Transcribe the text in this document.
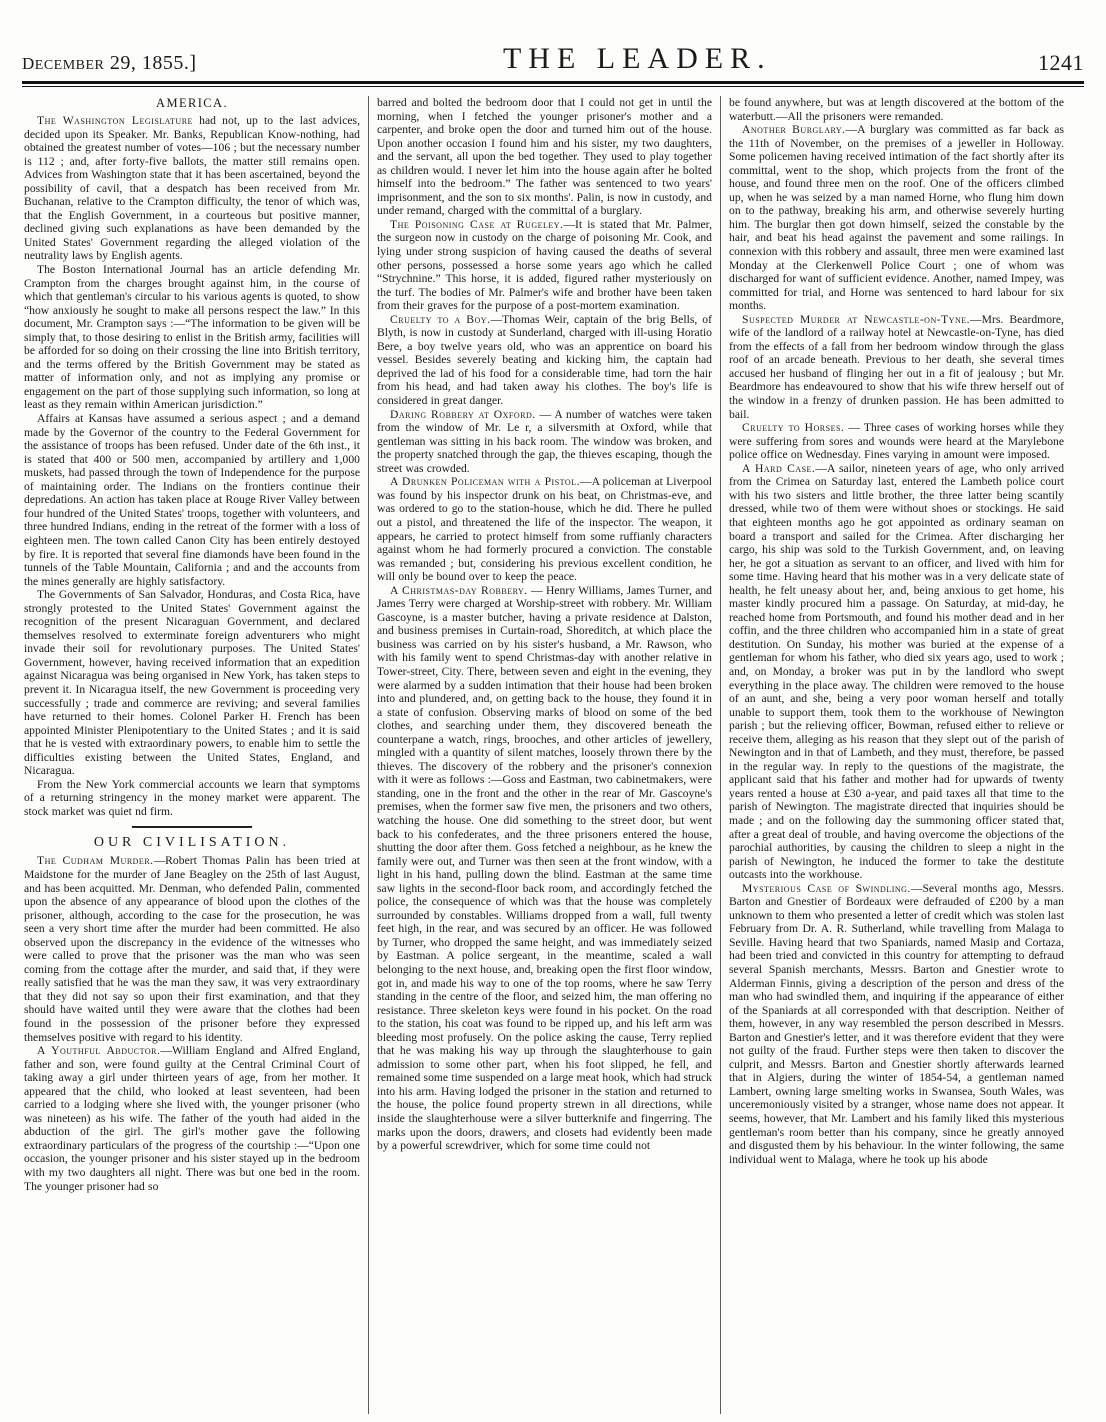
december 29, 1855.]	THE LEADER.	1241
AMERICA.

The Washington Legislature had not, up to the last advices, decided upon its Speaker. Mr. Banks, Republican Know-nothing, had obtained the greatest number of votes—106 ; but the necessary number is 112 ; and, after forty-five ballots, the matter still remains open. Advices from Washington state that it has been ascertained, beyond the possibility of cavil, that a despatch has been received from Mr. Buchanan, relative to the Crampton difficulty, the tenor of which was, that the English Government, in a courteous but positive manner, declined giving such explanations as have been demanded by the United States' Government regarding the alleged violation of the neutrality laws by English agents.

The Boston International Journal has an article defending Mr. Crampton from the charges brought against him, in the course of which that gentleman's circular to his various agents is quoted, to show “how anxiously he sought to make all persons respect the law.” In this document, Mr. Crampton says :—“The information to be given will be simply that, to those desiring to enlist in the British army, facilities will be afforded for so doing on their crossing the line into British territory, and the terms offered by the British Government may be stated as matter of information only, and not as implying any promise or engagement on the part of those supplying such information, so long at least as they remain within American jurisdiction.”

Affairs at Kansas have assumed a serious aspect ; and a demand made by the Governor of the country to the Federal Government for the assistance of troops has been refused. Under date of the 6th inst., it is stated that 400 or 500 men, accompanied by artillery and 1,000 muskets, had passed through the town of Independence for the purpose of maintaining order. The Indians on the frontiers continue their depredations. An action has taken place at Rouge River Valley between four hundred of the United States' troops, together with volunteers, and three hundred Indians, ending in the retreat of the former with a loss of eighteen men. The town called Canon City has been entirely destoyed by fire. It is reported that several fine diamonds have been found in the tunnels of the Table Mountain, California ; and and the accounts from the mines generally are highly satisfactory.

The Governments of San Salvador, Honduras, and Costa Rica, have strongly protested to the United States' Government against the recognition of the present Nicaraguan Government, and declared themselves resolved to exterminate foreign adventurers who might invade their soil for revolutionary purposes. The United States' Government, however, having received information that an expedition against Nicaragua was being organised in New York, has taken steps to prevent it. In Nicaragua itself, the new Government is proceeding very successfully ; trade and commerce are reviving; and several families have returned to their homes. Colonel Parker H. French has been appointed Minister Plenipotentiary to the United States ; and it is said that he is vested with extraordinary powers, to enable him to settle the difficulties existing between the United States, England, and Nicaragua.

From the New York commercial accounts we learn that symptoms of a returning stringency in the money market were apparent. The stock market was quiet nd firm.

OUR CIVILISATION.

The Cudham Murder.—Robert Thomas Palin has been tried at Maidstone for the murder of Jane Beagley on the 25th of last August, and has been acquitted. Mr. Denman, who defended Palin, commented upon the absence of any appearance of blood upon the clothes of the prisoner, although, according to the case for the prosecution, he was seen a very short time after the murder had been committed. He also observed upon the discrepancy in the evidence of the witnesses who were called to prove that the prisoner was the man who was seen coming from the cottage after the murder, and said that, if they were really satisfied that he was the man they saw, it was very extraordinary that they did not say so upon their first examination, and that they should have waited until they were aware that the clothes had been found in the possession of the prisoner before they expressed themselves positive with regard to his identity.

A Youthful Abductor.—William England and Alfred England, father and son, were found guilty at the Central Criminal Court of taking away a girl under thirteen years of age, from her mother. It appeared that the child, who looked at least seventeen, had been carried to a lodging where she lived with, the younger prisoner (who was nineteen) as his wife. The father of the youth had aided in the abduction of the girl. The girl's mother gave the following extraordinary particulars of the progress of the courtship :—“Upon one occasion, the younger prisoner and his sister stayed up in the bedroom with my two daughters all night. There was but one bed in the room. The younger prisoner had so

barred and bolted the bedroom door that I could not get in until the morning, when I fetched the younger prisoner's mother and a carpenter, and broke open the door and turned him out of the house. Upon another occasion I found him and his sister, my two daughters, and the servant, all upon the bed together. They used to play together as children would. I never let him into the house again after he bolted himself into the bedroom.” The father was sentenced to two years' imprisonment, and the son to six months'. Palin, is now in custody, and under remand, charged with the committal of a burglary.

The Poisoning Case at Rugeley.—It is stated that Mr. Palmer, the surgeon now in custody on the charge of poisoning Mr. Cook, and lying under strong suspicion of having caused the deaths of several other persons, possessed a horse some years ago which he called “Strychnine.” This horse, it is added, figured rather mysteriously on the turf. The bodies of Mr. Palmer's wife and brother have been taken from their graves for the purpose of a post-mortem examination.

Cruelty to a Boy.—Thomas Weir, captain of the brig Bells, of Blyth, is now in custody at Sunderland, charged with ill-using Horatio Bere, a boy twelve years old, who was an apprentice on board his vessel. Besides severely beating and kicking him, the captain had deprived the lad of his food for a considerable time, had torn the hair from his head, and had taken away his clothes. The boy's life is considered in great danger.

Daring Robbery at Oxford. — A number of watches were taken from the window of Mr. Le r, a silversmith at Oxford, while that gentleman was sitting in his back room. The window was broken, and the property snatched through the gap, the thieves escaping, though the street was crowded.

A Drunken Policeman with a Pistol.—A policeman at Liverpool was found by his inspector drunk on his beat, on Christmas-eve, and was ordered to go to the station-house, which he did. There he pulled out a pistol, and threatened the life of the inspector. The weapon, it appears, he carried to protect himself from some ruffianly characters against whom he had formerly procured a conviction. The constable was remanded ; but, considering his previous excellent condition, he will only be bound over to keep the peace.

A Christmas-day Robbery. — Henry Williams, James Turner, and James Terry were charged at Worship-street with robbery. Mr. William Gascoyne, is a master butcher, having a private residence at Dalston, and business premises in Curtain-road, Shoreditch, at which place the business was carried on by his sister's husband, a Mr. Rawson, who with his family went to spend Christmas-day with another relative in Tower-street, City. There, between seven and eight in the evening, they were alarmed by a sudden intimation that their house had been broken into and plundered, and, on getting back to the house, they found it in a state of confusion. Observing marks of blood on some of the bed clothes, and searching under them, they discovered beneath the counterpane a watch, rings, brooches, and other articles of jewellery, mingled with a quantity of silent matches, loosely thrown there by the thieves. The discovery of the robbery and the prisoner's connexion with it were as follows :—Goss and Eastman, two cabinetmakers, were standing, one in the front and the other in the rear of Mr. Gascoyne's premises, when the former saw five men, the prisoners and two others, watching the house. One did something to the street door, but went back to his confederates, and the three prisoners entered the house, shutting the door after them. Goss fetched a neighbour, as he knew the family were out, and Turner was then seen at the front window, with a light in his hand, pulling down the blind. Eastman at the same time saw lights in the second-floor back room, and accordingly fetched the police, the consequence of which was that the house was completely surrounded by constables. Williams dropped from a wall, full twenty feet high, in the rear, and was secured by an officer. He was followed by Turner, who dropped the same height, and was immediately seized by Eastman. A police sergeant, in the meantime, scaled a wall belonging to the next house, and, breaking open the first floor window, got in, and made his way to one of the top rooms, where he saw Terry standing in the centre of the floor, and seized him, the man offering no resistance. Three skeleton keys were found in his pocket. On the road to the station, his coat was found to be ripped up, and his left arm was bleeding most profusely. On the police asking the cause, Terry replied that he was making his way up through the slaughterhouse to gain admission to some other part, when his foot slipped, he fell, and remained some time suspended on a large meat hook, which had struck into his arm. Having lodged the prisoner in the station and returned to the house, the police found property strewn in all directions, while inside the slaughterhouse were a silver butterknife and fingerring. The marks upon the doors, drawers, and closets had evidently been made by a powerful screwdriver, which for some time could not

be found anywhere, but was at length discovered at the bottom of the waterbutt.—All the prisoners were remanded.

Another Burglary.—A burglary was committed as far back as the 11th of November, on the premises of a jeweller in Holloway. Some policemen having received intimation of the fact shortly after its committal, went to the shop, which projects from the front of the house, and found three men on the roof. One of the officers climbed up, when he was seized by a man named Horne, who flung him down on to the pathway, breaking his arm, and otherwise severely hurting him. The burglar then got down himself, seized the constable by the hair, and beat his head against the pavement and some railings. In connexion with this robbery and assault, three men were examined last Monday at the Clerkenwell Police Court ; one of whom was discharged for want of sufficient evidence. Another, named Impey, was committed for trial, and Horne was sentenced to hard labour for six months.

Suspected Murder at Newcastle-on-Tyne.—Mrs. Beardmore, wife of the landlord of a railway hotel at Newcastle-on-Tyne, has died from the effects of a fall from her bedroom window through the glass roof of an arcade beneath. Previous to her death, she several times accused her husband of flinging her out in a fit of jealousy ; but Mr. Beardmore has endeavoured to show that his wife threw herself out of the window in a frenzy of drunken passion. He has been admitted to bail.

Cruelty to Horses. — Three cases of working horses while they were suffering from sores and wounds were heard at the Marylebone police office on Wednesday. Fines varying in amount were imposed.

A Hard Case.—A sailor, nineteen years of age, who only arrived from the Crimea on Saturday last, entered the Lambeth police court with his two sisters and little brother, the three latter being scantily dressed, while two of them were without shoes or stockings. He said that eighteen months ago he got appointed as ordinary seaman on board a transport and sailed for the Crimea. After discharging her cargo, his ship was sold to the Turkish Government, and, on leaving her, he got a situation as servant to an officer, and lived with him for some time. Having heard that his mother was in a very delicate state of health, he felt uneasy about her, and, being anxious to get home, his master kindly procured him a passage. On Saturday, at mid-day, he reached home from Portsmouth, and found his mother dead and in her coffin, and the three children who accompanied him in a state of great destitution. On Sunday, his mother was buried at the expense of a gentleman for whom his father, who died six years ago, used to work ; and, on Monday, a broker was put in by the landlord who swept everything in the place away. The children were removed to the house of an aunt, and she, being a very poor woman herself and totally unable to support them, took them to the workhouse of Newington parish ; but the relieving officer, Bowman, refused either to relieve or receive them, alleging as his reason that they slept out of the parish of Newington and in that of Lambeth, and they must, therefore, be passed in the regular way. In reply to the questions of the magistrate, the applicant said that his father and mother had for upwards of twenty years rented a house at £30 a-year, and paid taxes all that time to the parish of Newington. The magistrate directed that inquiries should be made ; and on the following day the summoning officer stated that, after a great deal of trouble, and having overcome the objections of the parochial authorities, by causing the children to sleep a night in the parish of Newington, he induced the former to take the destitute outcasts into the workhouse.

Mysterious Case of Swindling.—Several months ago, Messrs. Barton and Gnestier of Bordeaux were defrauded of £200 by a man unknown to them who presented a letter of credit which was stolen last February from Dr. A. R. Sutherland, while travelling from Malaga to Seville. Having heard that two Spaniards, named Masip and Cortaza, had been tried and convicted in this country for attempting to defraud several Spanish merchants, Messrs. Barton and Gnestier wrote to Alderman Finnis, giving a description of the person and dress of the man who had swindled them, and inquiring if the appearance of either of the Spaniards at all corresponded with that description. Neither of them, however, in any way resembled the person described in Messrs. Barton and Gnestier's letter, and it was therefore evident that they were not guilty of the fraud. Further steps were then taken to discover the culprit, and Messrs. Barton and Gnestier shortly afterwards learned that in Algiers, during the winter of 1854-54, a gentleman named Lambert, owning large smelting works in Swansea, South Wales, was unceremoniously visited by a stranger, whose name does not appear. It seems, however, that Mr. Lambert and his family liked this mysterious gentleman's room better than his company, since he greatly annoyed and disgusted them by his behaviour. In the winter following, the same individual went to Malaga, where he took up his abode
